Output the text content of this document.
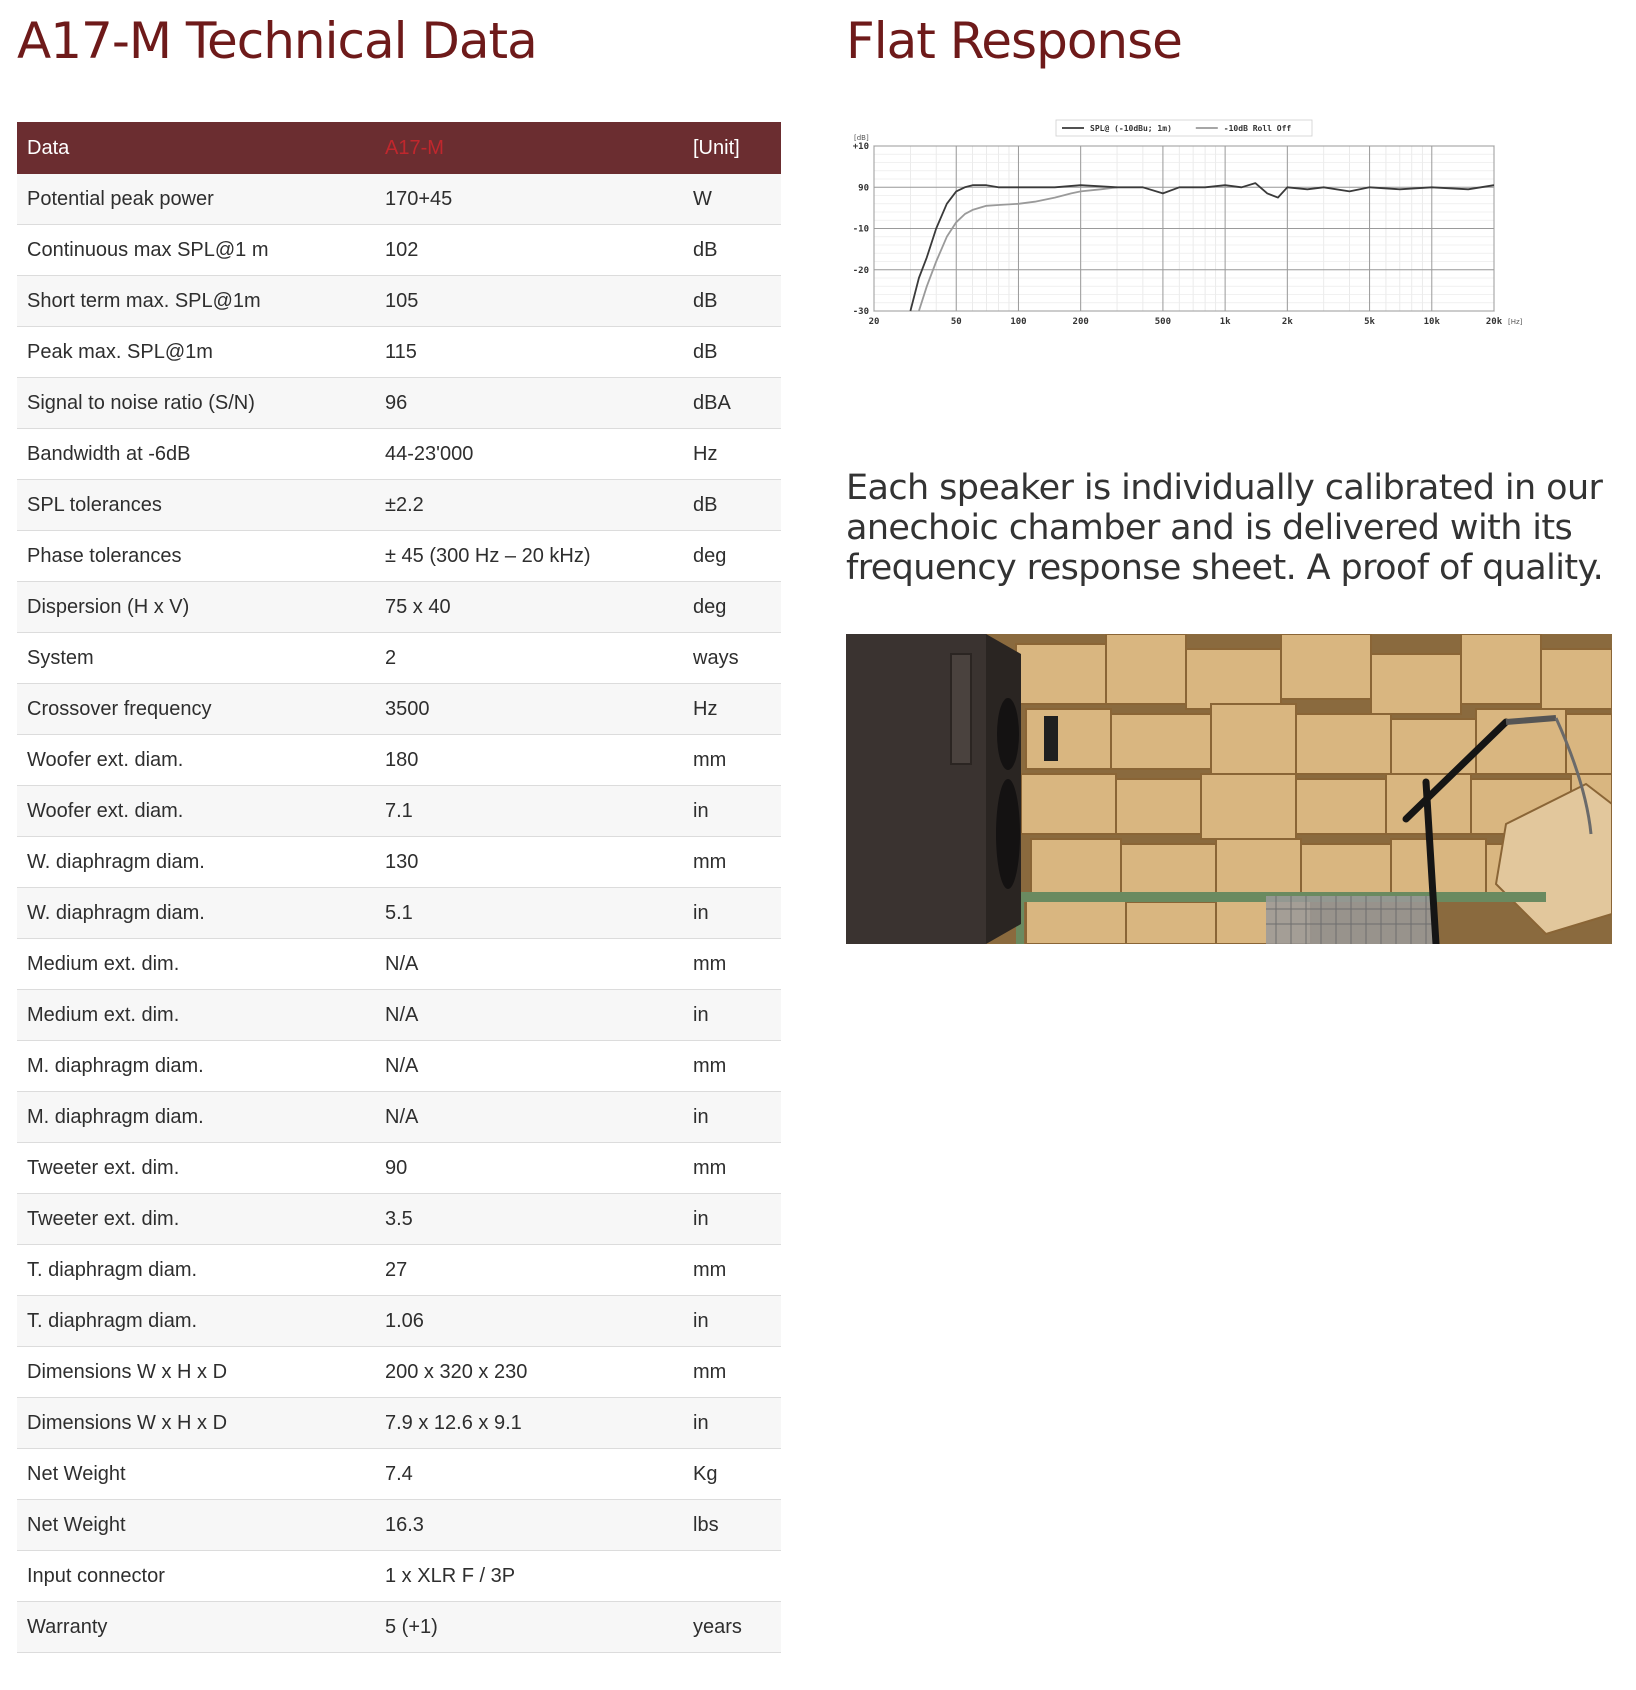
A17-M Technical Data
Data	A17-M	[Unit]
Potential peak power	170+45	W
Continuous max SPL@1 m	102	dB
Short term max. SPL@1m	105	dB
Peak max. SPL@1m	115	dB
Signal to noise ratio (S/N)	96	dBA
Bandwidth at -6dB	44-23'000	Hz
SPL tolerances	±2.2	dB
Phase tolerances	± 45 (300 Hz – 20 kHz)	deg
Dispersion (H x V)	75 x 40	deg
System	2	ways
Crossover frequency	3500	Hz
Woofer ext. diam.	180	mm
Woofer ext. diam.	7.1	in
W. diaphragm diam.	130	mm
W. diaphragm diam.	5.1	in
Medium ext. dim.	N/A	mm
Medium ext. dim.	N/A	in
M. diaphragm diam.	N/A	mm
M. diaphragm diam.	N/A	in
Tweeter ext. dim.	90	mm
Tweeter ext. dim.	3.5	in
T. diaphragm diam.	27	mm
T. diaphragm diam.	1.06	in
Dimensions W x H x D	200 x 320 x 230	mm
Dimensions W x H x D	7.9 x 12.6 x 9.1	in
Net Weight	7.4	Kg
Net Weight	16.3	lbs
Input connector	1 x XLR F / 3P	
Warranty	5 (+1)	years
Flat Response
20	50	100	200	500	1k	2k	5k	10k	20k
+10
90
-10
-20
-30
[dB]
[Hz]
SPL@ (-10dBu; 1m)	-10dB Roll Off

Each speaker is individually calibrated in our anechoic chamber and is delivered with its frequency response sheet. A proof of quality.
